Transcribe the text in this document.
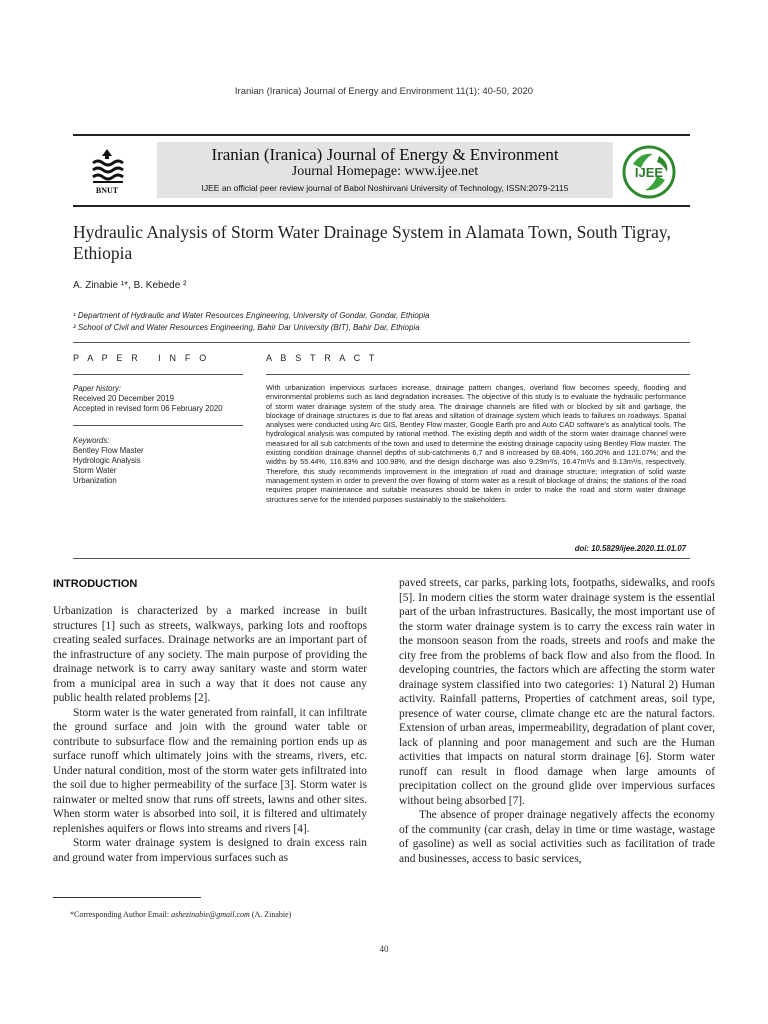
Iranian (Iranica) Journal of Energy and Environment 11(1): 40-50, 2020
BNUT
Iranian (Iranica) Journal of Energy & Environment
Journal Homepage: www.ijee.net
IJEE an official peer review journal of Babol Noshirvani University of Technology, ISSN:2079-2115
IJEE
Hydraulic Analysis of Storm Water Drainage System in Alamata Town, South Tigray, Ethiopia
A. Zinabie ¹*, B. Kebede ²
¹ Department of Hydraulic and Water Resources Engineering, University of Gondar, Gondar, Ethiopia
² School of Civil and Water Resources Engineering, Bahir Dar University (BIT), Bahir Dar, Ethiopia
P A P E R   I N F O	A B S T R A C T
Paper history:
Received 20 December 2019
Accepted in revised form 06 February 2020
Keywords:
Bentley Flow Master
Hydrologic Analysis
Storm Water
Urbanization
With urbanization impervious surfaces increase, drainage pattern changes, overland flow becomes speedy, flooding and environmental problems such as land degradation increases. The objective of this study is to evaluate the hydraulic performance of storm water drainage system of the study area. The drainage channels are filled with or blocked by silt and garbage, the blockage of drainage structures is due to flat areas and siltation of drainage system which leads to failures on roadways. Spatial analyses were conducted using Arc GIS, Bentley Flow master, Google Earth pro and Auto CAD software's as analytical tools. The hydrological analysis was computed by rational method. The existing depth and width of the storm water drainage channel were measured for all sub catchments of the town and used to determine the existing drainage capacity using Bentley Flow master. The existing condition drainage channel depths of sub-catchments 6,7 and 8 increased by 68.40%, 160.20% and 121.07%; and the widths by 55.44%, 116.83% and 100.98%, and the design discharge was also 9.29m³/s, 16.47m³/s and 9.13m³/s, respectively. Therefore, this study recommends improvement in the integration of road and drainage structure; integration of solid waste management system in order to prevent the over flowing of storm water as a result of blockage of drains; the stations of the road requires proper maintenance and suitable measures should be taken in order to make the road and storm water drainage structures serve for the intended purposes sustainably to the stakeholders.
doi: 10.5829/ijee.2020.11.01.07
INTRODUCTION

Urbanization is characterized by a marked increase in built structures [1] such as streets, walkways, parking lots and rooftops creating sealed surfaces. Drainage networks are an important part of the infrastructure of any society. The main purpose of providing the drainage network is to carry away sanitary waste and storm water from a municipal area in such a way that it does not cause any public health related problems [2].

Storm water is the water generated from rainfall, it can infiltrate the ground surface and join with the ground water table or contribute to subsurface flow and the remaining portion ends up as surface runoff which ultimately joins with the streams, rivers, etc. Under natural condition, most of the storm water gets infiltrated into the soil due to higher permeability of the surface [3]. Storm water is rainwater or melted snow that runs off streets, lawns and other sites. When storm water is absorbed into soil, it is filtered and ultimately replenishes aquifers or flows into streams and rivers [4].

Storm water drainage system is designed to drain excess rain and ground water from impervious surfaces such as

paved streets, car parks, parking lots, footpaths, sidewalks, and roofs [5]. In modern cities the storm water drainage system is the essential part of the urban infrastructures. Basically, the most important use of the storm water drainage system is to carry the excess rain water in the monsoon season from the roads, streets and roofs and make the city free from the problems of back flow and also from the flood. In developing countries, the factors which are affecting the storm water drainage system classified into two categories: 1) Natural 2) Human activity. Rainfall patterns, Properties of catchment areas, soil type, presence of water course, climate change etc are the natural factors. Extension of urban areas, impermeability, degradation of plant cover, lack of planning and poor management and such are the Human activities that impacts on natural storm drainage [6]. Storm water runoff can result in flood damage when large amounts of precipitation collect on the ground glide over impervious surfaces without being absorbed [7].

The absence of proper drainage negatively affects the economy of the community (car crash, delay in time or time wastage, wastage of gasoline) as well as social activities such as facilitation of trade and businesses, access to basic services,

*Corresponding Author Email: ashezinabie@gmail.com (A. Zinabie)
40
